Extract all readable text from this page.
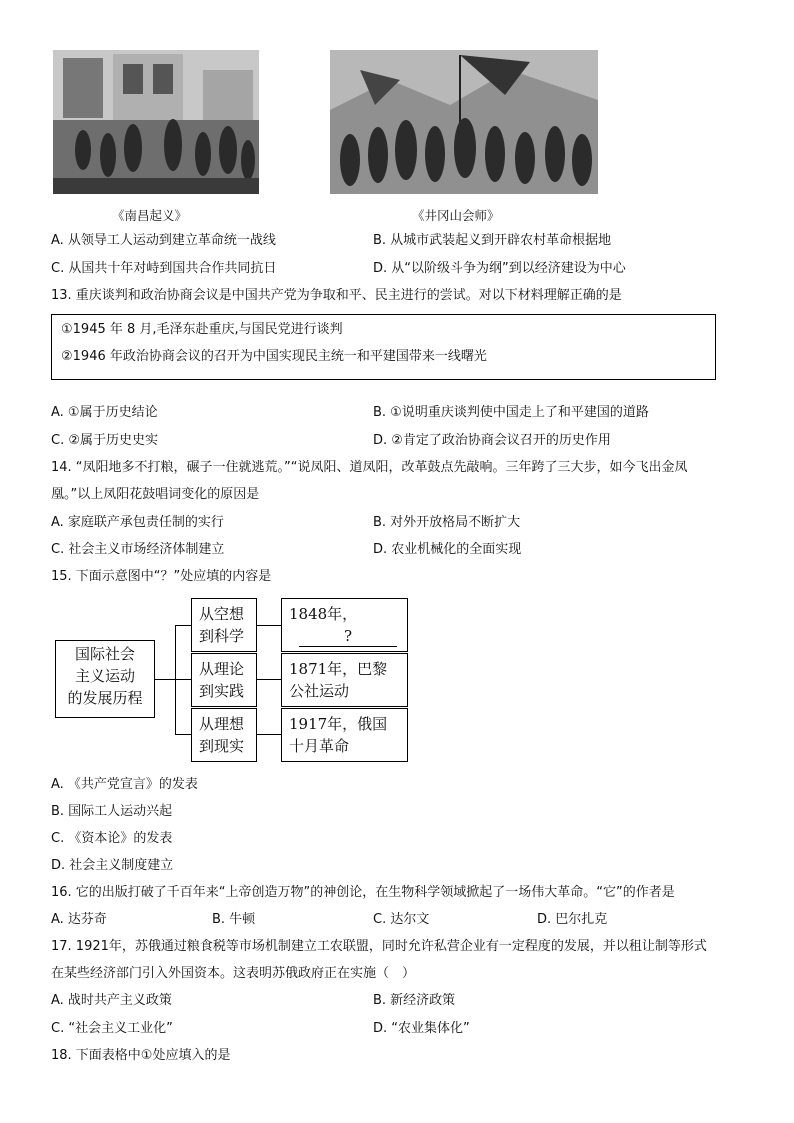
《南昌起义》	《井冈山会师》
A. 从领导工人运动到建立革命统一战线	B. 从城市武装起义到开辟农村革命根据地
C. 从国共十年对峙到国共合作共同抗日	D. 从“以阶级斗争为纲”到以经济建设为中心
13. 重庆谈判和政治协商会议是中国共产党为争取和平、民主进行的尝试。对以下材料理解正确的是
①1945 年 8 月,毛泽东赴重庆,与国民党进行谈判
②1946 年政治协商会议的召开为中国实现民主统一和平建国带来一线曙光
A. ①属于历史结论	B. ①说明重庆谈判使中国走上了和平建国的道路
C. ②属于历史史实	D. ②肯定了政治协商会议召开的历史作用
14. “凤阳地多不打粮，碾子一住就逃荒。”“说凤阳、道凤阳，改革鼓点先敲响。三年跨了三大步，如今飞出金凤
凰。”以上凤阳花鼓唱词变化的原因是
A. 家庭联产承包责任制的实行	B. 对外开放格局不断扩大
C. 社会主义市场经济体制建立	D. 农业机械化的全面实现
15. 下面示意图中“？”处应填的内容是
国际社会
主义运动
的发展历程
从空想
到科学
从理论
到实践
从理想
到现实
1848年，
?
1871年，巴黎
公社运动
1917年，俄国
十月革命
A. 《共产党宣言》的发表
B. 国际工人运动兴起
C. 《资本论》的发表
D. 社会主义制度建立
16. 它的出版打破了千百年来“上帝创造万物”的神创论，在生物科学领域掀起了一场伟大革命。“它”的作者是
A. 达芬奇	B. 牛顿	C. 达尔文	D. 巴尔扎克
17. 1921年，苏俄通过粮食税等市场机制建立工农联盟，同时允许私营企业有一定程度的发展，并以租让制等形式
在某些经济部门引入外国资本。这表明苏俄政府正在实施（　）
A. 战时共产主义政策	B. 新经济政策
C. “社会主义工业化”	D. “农业集体化”
18. 下面表格中①处应填入的是
